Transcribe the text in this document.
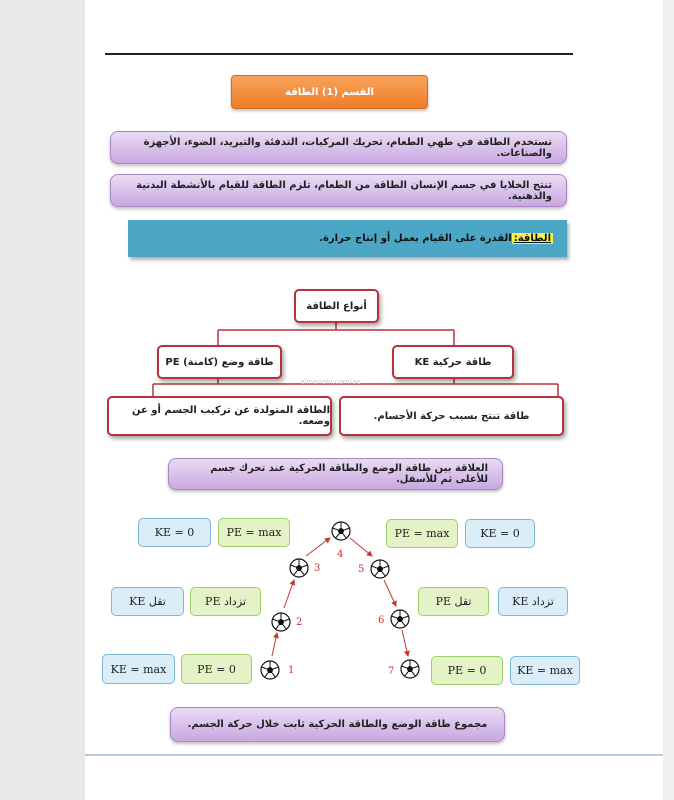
القسم (1) الطاقة
تستخدم الطاقة في طهي الطعام، تحريك المركبات، التدفئة والتبريد، الضوء، الأجهزة والصناعات.
تنتج الخلايا في جسم الإنسان الطاقة من الطعام، تلزم الطاقة للقيام بالأنشطة البدنية والذهنية.
الطاقة:
القدرة على القيام بعمل أو إنتاج حرارة.
أنواع الطاقة
طاقة حركية KE
طاقة وضع (كامنة) PE
طاقة تنتج بسبب حركة الأجسام.
الطاقة المتولدة عن تركيب الجسم أو عن وضعه.
almanahj.com/ae
العلاقة بين طاقة الوضع والطاقة الحركية عند تحرك جسم للأعلى ثم للأسفل.
KE = 0	PE = max
تقل KE	تزداد PE
KE = max	PE = 0
PE = max	KE = 0
تقل PE	تزداد KE
PE = 0	KE = max
1
2
3
4
5
6
7
مجموع طاقة الوضع والطاقة الحركية ثابت خلال حركة الجسم.
